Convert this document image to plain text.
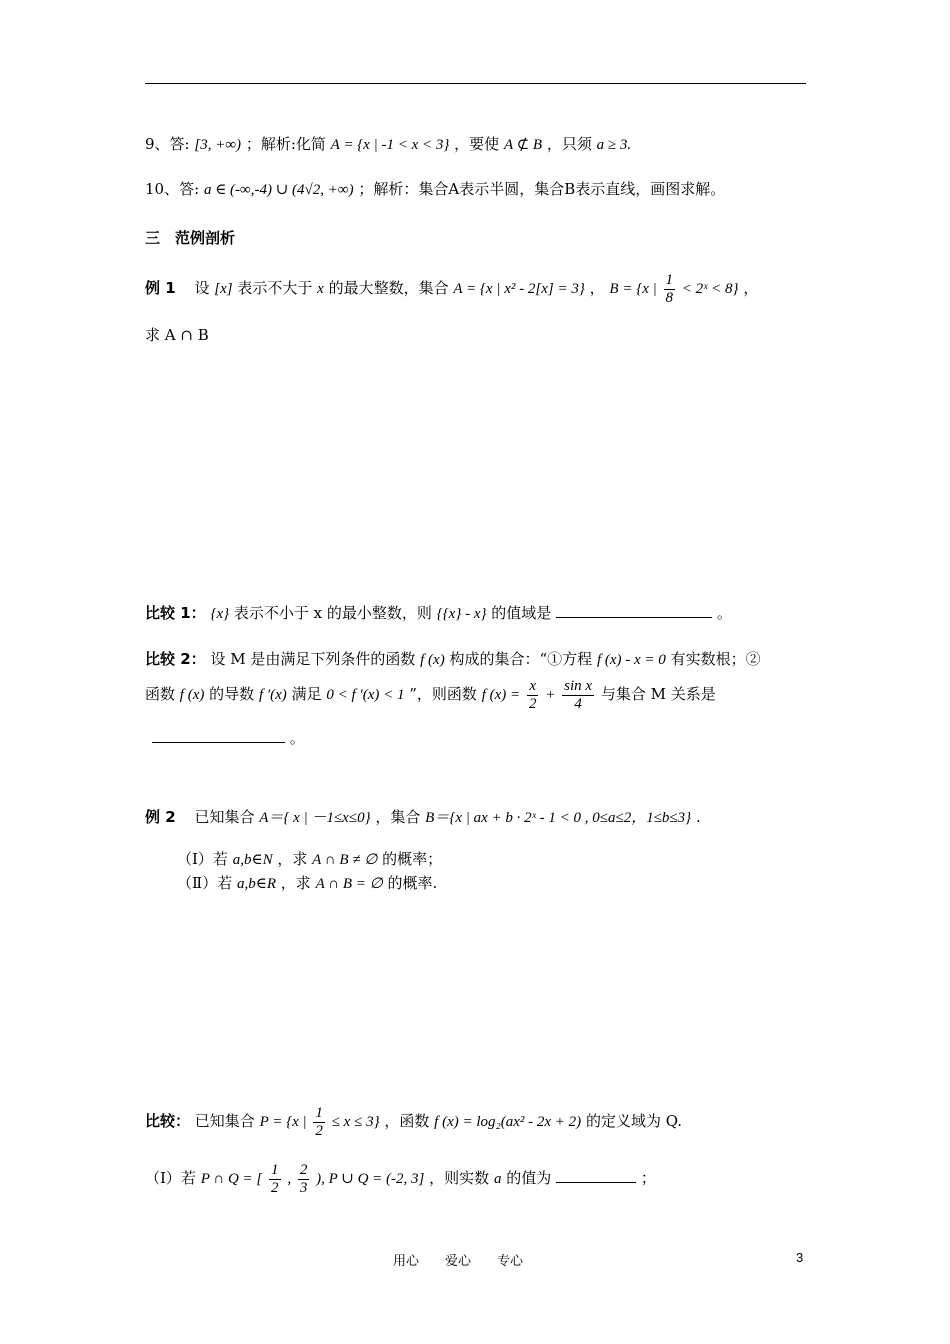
9、答: [3, +∞) ；解析:化简 A = {x | -1 < x < 3} ，要使 A ⊄ B ，只须 a ≥ 3.
10、答: a ∈ (-∞,-4) ∪ (4√2, +∞) ；解析：集合A表示半圆，集合B表示直线，画图求解。
三　范例剖析
例 1 设 [x] 表示不大于 x 的最大整数，集合 A = {x | x² - 2[x] = 3} ， B = {x | $\frac{1}{8}$ < 2ˣ < 8} ，
求 A ∩ B
比较 1： {x} 表示不小于 x 的最小整数，则 {{x} - x} 的值域是	。
比较 2： 设 M 是由满足下列条件的函数 f (x) 构成的集合：“①方程 f (x) - x = 0 有实数根；②
函数 f (x) 的导数 f ′(x) 满足 0 < f ′(x) < 1 ”，则函数 f $(x) = \frac{x}{2} + \frac{\text{sin x}}{4}$ 与集合 M 关系是
。
例 2 已知集合 A＝{ x | －1≤x≤0} ，集合 B＝{x | ax + b · 2ˣ - 1 < 0 , 0≤a≤2，1≤b≤3} .
（Ⅰ）若 a,b∈N ，求 A ∩ B ≠ ∅ 的概率；
（Ⅱ）若 a,b∈R ，求 A ∩ B = ∅ 的概率.
比较： 已知集合 P = {x | $\frac{1}{2} \le x \le 3$} ，函数 f (x) = log₂(ax² - 2x + 2) 的定义域为 Q.
（I）若 P ∩ Q = [ $\frac{1}{2}$ , $\frac{2}{3}$ ), P ∪ Q = (-2, 3] ，则实数 a 的值为	；
用心　　爱心　　专心	3
